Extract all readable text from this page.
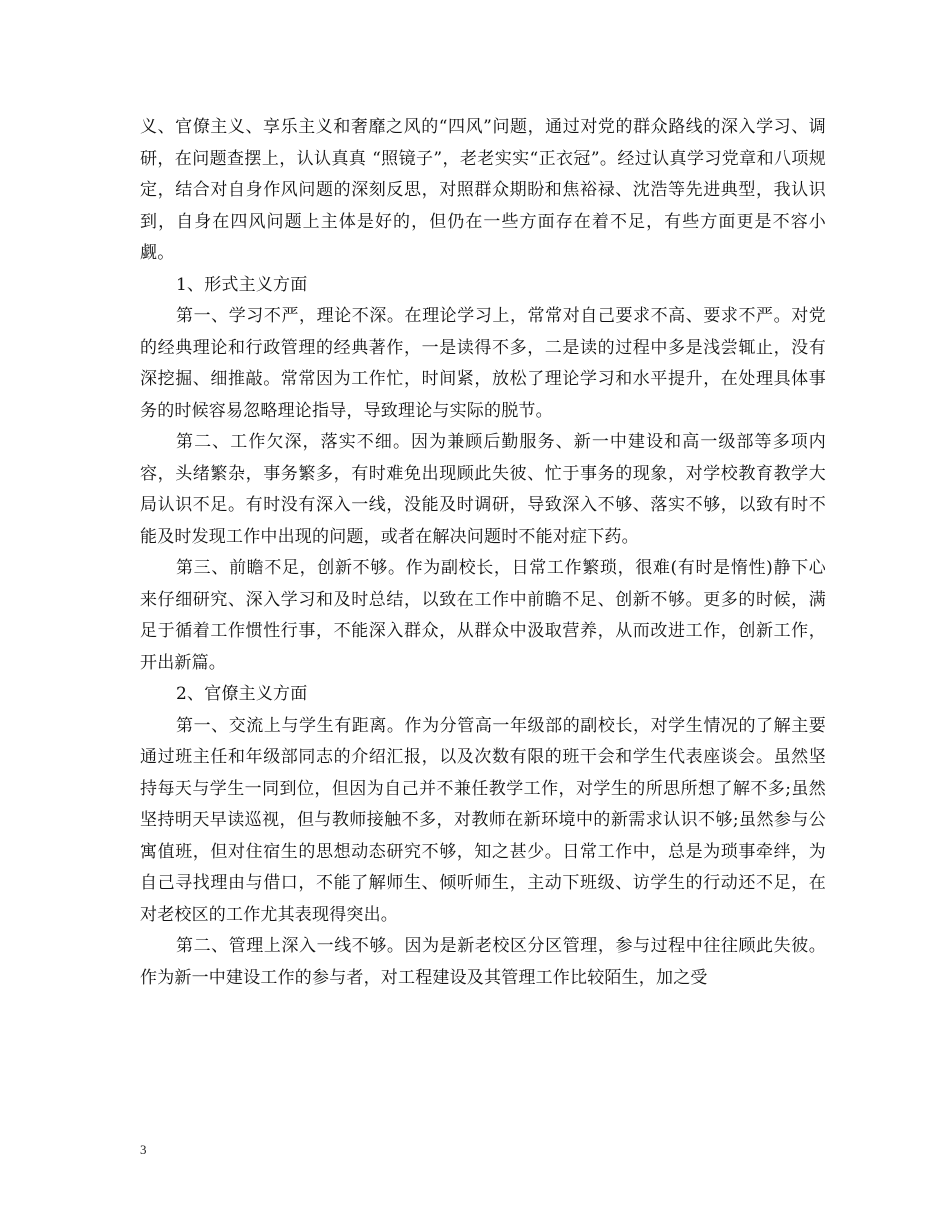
义、官僚主义、享乐主义和奢靡之风的“四风”问题，通过对党的群众路线的深入学习、调研，在问题查摆上，认认真真 “照镜子”，老老实实“正衣冠”。经过认真学习党章和八项规定，结合对自身作风问题的深刻反思，对照群众期盼和焦裕禄、沈浩等先进典型，我认识到，自身在四风问题上主体是好的，但仍在一些方面存在着不足，有些方面更是不容小觑。

1、形式主义方面

第一、学习不严，理论不深。在理论学习上，常常对自己要求不高、要求不严。对党的经典理论和行政管理的经典著作，一是读得不多，二是读的过程中多是浅尝辄止，没有深挖掘、细推敲。常常因为工作忙，时间紧，放松了理论学习和水平提升，在处理具体事务的时候容易忽略理论指导，导致理论与实际的脱节。

第二、工作欠深，落实不细。因为兼顾后勤服务、新一中建设和高一级部等多项内容，头绪繁杂，事务繁多，有时难免出现顾此失彼、忙于事务的现象，对学校教育教学大局认识不足。有时没有深入一线，没能及时调研，导致深入不够、落实不够，以致有时不能及时发现工作中出现的问题，或者在解决问题时不能对症下药。

第三、前瞻不足，创新不够。作为副校长，日常工作繁琐，很难(有时是惰性)静下心来仔细研究、深入学习和及时总结，以致在工作中前瞻不足、创新不够。更多的时候，满足于循着工作惯性行事，不能深入群众，从群众中汲取营养，从而改进工作，创新工作，开出新篇。

2、官僚主义方面

第一、交流上与学生有距离。作为分管高一年级部的副校长，对学生情况的了解主要通过班主任和年级部同志的介绍汇报，以及次数有限的班干会和学生代表座谈会。虽然坚持每天与学生一同到位，但因为自己并不兼任教学工作，对学生的所思所想了解不多;虽然坚持明天早读巡视，但与教师接触不多，对教师在新环境中的新需求认识不够;虽然参与公寓值班，但对住宿生的思想动态研究不够，知之甚少。日常工作中，总是为琐事牵绊，为自己寻找理由与借口，不能了解师生、倾听师生，主动下班级、访学生的行动还不足，在对老校区的工作尤其表现得突出。

第二、管理上深入一线不够。因为是新老校区分区管理，参与过程中往往顾此失彼。作为新一中建设工作的参与者，对工程建设及其管理工作比较陌生，加之受

3
